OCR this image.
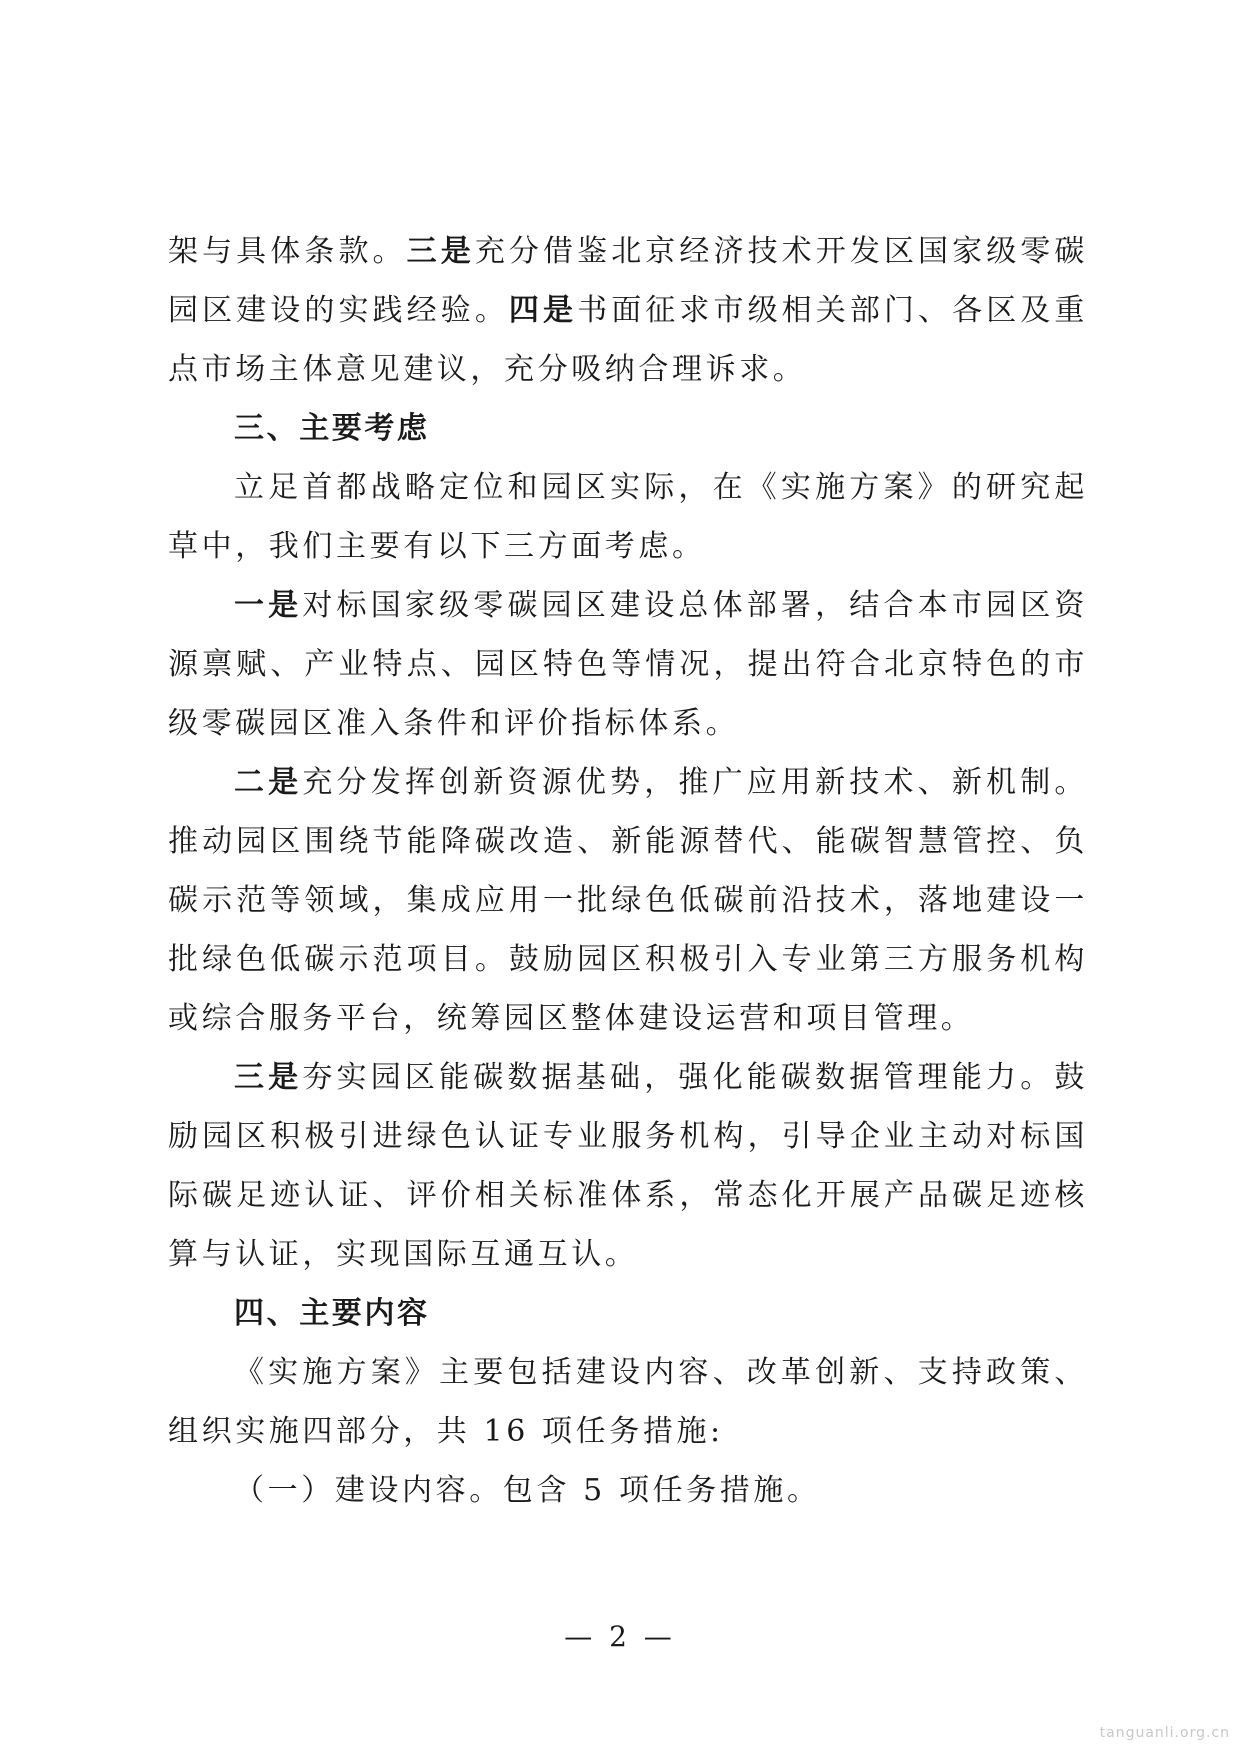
架与具体条款。三是充分借鉴北京经济技术开发区国家级零碳园区建设的实践经验。四是书面征求市级相关部门、各区及重点市场主体意见建议，充分吸纳合理诉求。

三、主要考虑

立足首都战略定位和园区实际，在《实施方案》的研究起草中，我们主要有以下三方面考虑。

一是对标国家级零碳园区建设总体部署，结合本市园区资源禀赋、产业特点、园区特色等情况，提出符合北京特色的市级零碳园区准入条件和评价指标体系。

二是充分发挥创新资源优势，推广应用新技术、新机制。推动园区围绕节能降碳改造、新能源替代、能碳智慧管控、负碳示范等领域，集成应用一批绿色低碳前沿技术，落地建设一批绿色低碳示范项目。鼓励园区积极引入专业第三方服务机构或综合服务平台，统筹园区整体建设运营和项目管理。

三是夯实园区能碳数据基础，强化能碳数据管理能力。鼓励园区积极引进绿色认证专业服务机构，引导企业主动对标国际碳足迹认证、评价相关标准体系，常态化开展产品碳足迹核算与认证，实现国际互通互认。

四、主要内容

《实施方案》主要包括建设内容、改革创新、支持政策、组织实施四部分，共 16 项任务措施:

（一）建设内容。包含 5 项任务措施。

— 2 —
tanguanli.org.cn
